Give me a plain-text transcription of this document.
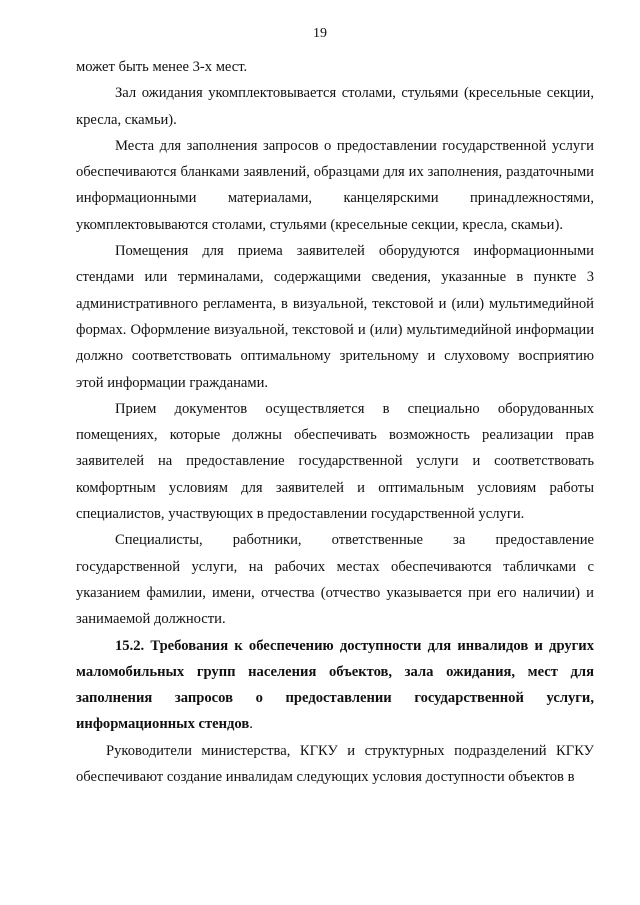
19

может быть менее 3-х мест.

Зал ожидания укомплектовывается столами, стульями (кресельные секции, кресла, скамьи).

Места для заполнения запросов о предоставлении государственной услуги обеспечиваются бланками заявлений, образцами для их заполнения, раздаточными информационными материалами, канцелярскими принадлежностями, укомплектовываются столами, стульями (кресельные секции, кресла, скамьи).

Помещения для приема заявителей оборудуются информационными стендами или терминалами, содержащими сведения, указанные в пункте 3 административного регламента, в визуальной, текстовой и (или) мультимедийной формах. Оформление визуальной, текстовой и (или) мультимедийной информации должно соответствовать оптимальному зрительному и слуховому восприятию этой информации гражданами.

Прием документов осуществляется в специально оборудованных помещениях, которые должны обеспечивать возможность реализации прав заявителей на предоставление государственной услуги и соответствовать комфортным условиям для заявителей и оптимальным условиям работы специалистов, участвующих в предоставлении государственной услуги.

Специалисты, работники, ответственные за предоставление государственной услуги, на рабочих местах обеспечиваются табличками с указанием фамилии, имени, отчества (отчество указывается при его наличии) и занимаемой должности.

15.2. Требования к обеспечению доступности для инвалидов и других маломобильных групп населения объектов, зала ожидания, мест для заполнения запросов о предоставлении государственной услуги, информационных стендов.

Руководители министерства, КГКУ и структурных подразделений КГКУ обеспечивают создание инвалидам следующих условия доступности объектов в
